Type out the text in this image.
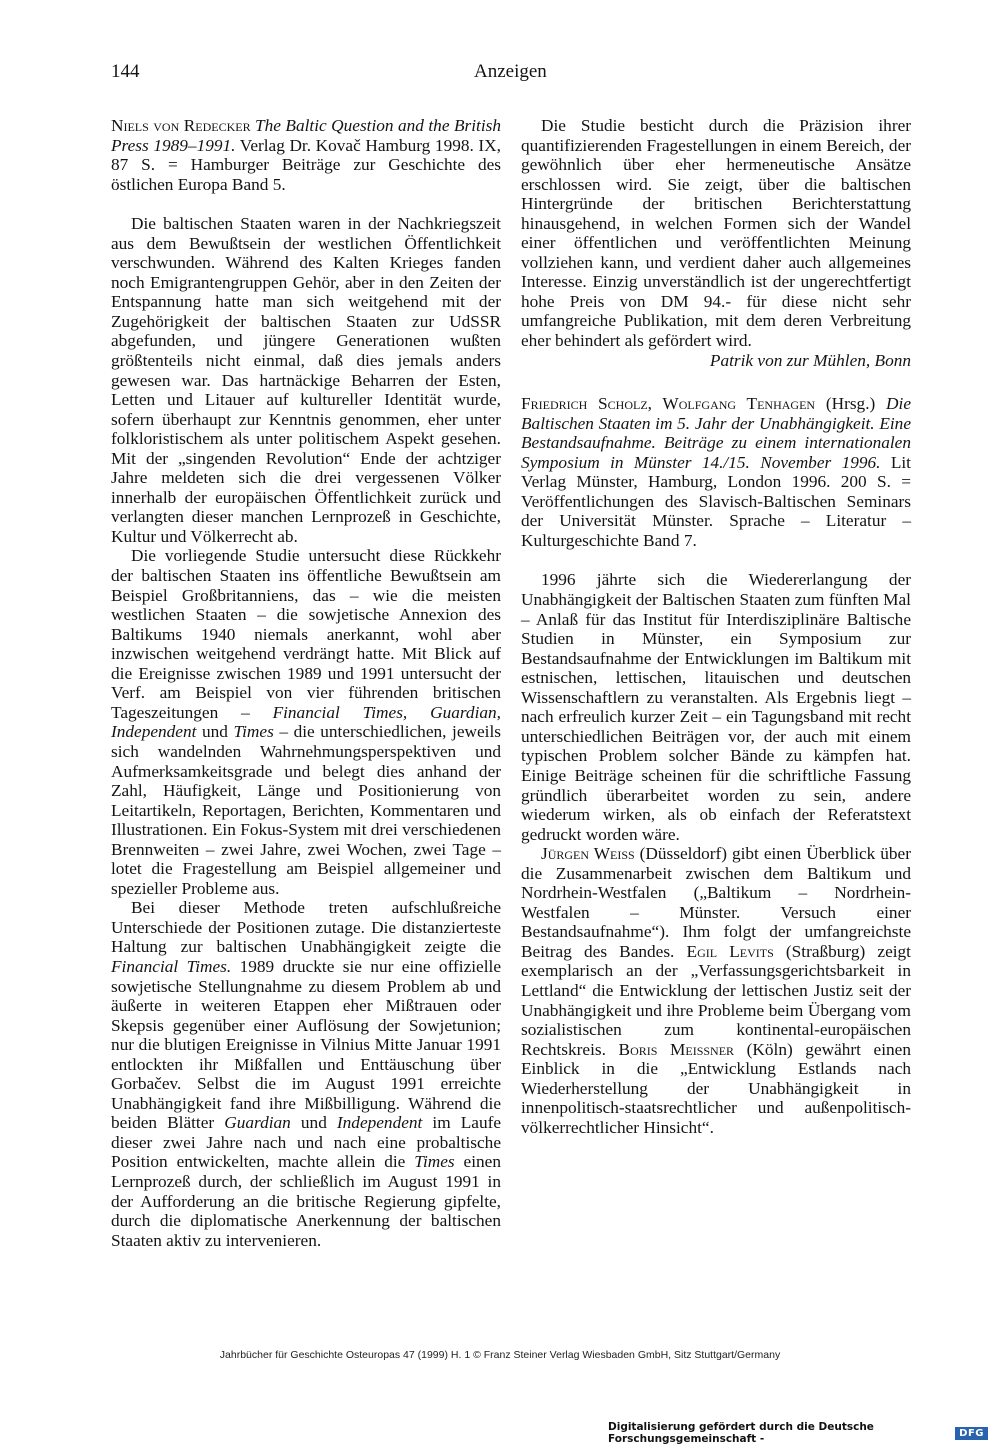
144	Anzeigen

Niels von Redecker The Baltic Question and the British Press 1989–1991. Verlag Dr. Kovač Hamburg 1998. IX, 87 S. = Hamburger Beiträge zur Geschichte des östlichen Europa Band 5.

Die baltischen Staaten waren in der Nachkriegszeit aus dem Bewußtsein der westlichen Öffentlichkeit verschwunden. Während des Kalten Krieges fanden noch Emigrantengruppen Gehör, aber in den Zeiten der Entspannung hatte man sich weitgehend mit der Zugehörigkeit der baltischen Staaten zur UdSSR abgefunden, und jüngere Generationen wußten größtenteils nicht einmal, daß dies jemals anders gewesen war. Das hartnäckige Beharren der Esten, Letten und Litauer auf kultureller Identität wurde, sofern überhaupt zur Kenntnis genommen, eher unter folkloristischem als unter politischem Aspekt gesehen. Mit der „singenden Revolution“ Ende der achtziger Jahre meldeten sich die drei vergessenen Völker innerhalb der europäischen Öffentlichkeit zurück und verlangten dieser manchen Lernprozeß in Geschichte, Kultur und Völkerrecht ab.

Die vorliegende Studie untersucht diese Rückkehr der baltischen Staaten ins öffentliche Bewußtsein am Beispiel Großbritanniens, das – wie die meisten westlichen Staaten – die sowjetische Annexion des Baltikums 1940 niemals anerkannt, wohl aber inzwischen weitgehend verdrängt hatte. Mit Blick auf die Ereignisse zwischen 1989 und 1991 untersucht der Verf. am Beispiel von vier führenden britischen Tageszeitungen – Financial Times, Guardian, Independent und Times – die unterschiedlichen, jeweils sich wandelnden Wahrnehmungsperspektiven und Aufmerksamkeitsgrade und belegt dies anhand der Zahl, Häufigkeit, Länge und Positionierung von Leitartikeln, Reportagen, Berichten, Kommentaren und Illustrationen. Ein Fokus-System mit drei verschiedenen Brennweiten – zwei Jahre, zwei Wochen, zwei Tage – lotet die Fragestellung am Beispiel allgemeiner und spezieller Probleme aus.

Bei dieser Methode treten aufschlußreiche Unterschiede der Positionen zutage. Die distanzierteste Haltung zur baltischen Unabhängigkeit zeigte die Financial Times. 1989 druckte sie nur eine offizielle sowjetische Stellungnahme zu diesem Problem ab und äußerte in weiteren Etappen eher Mißtrauen oder Skepsis gegenüber einer Auflösung der Sowjetunion; nur die blutigen Ereignisse in Vilnius Mitte Januar 1991 entlockten ihr Mißfallen und Enttäuschung über Gorbačev. Selbst die im August 1991 erreichte Unabhängigkeit fand ihre Mißbilligung. Während die beiden Blätter Guardian und Independent im Laufe dieser zwei Jahre nach und nach eine probaltische Position entwickelten, machte allein die Times einen Lernprozeß durch, der schließlich im August 1991 in der Aufforderung an die britische Regierung gipfelte, durch die diplomatische Anerkennung der baltischen Staaten aktiv zu intervenieren.

Die Studie besticht durch die Präzision ihrer quantifizierenden Fragestellungen in einem Bereich, der gewöhnlich über eher hermeneutische Ansätze erschlossen wird. Sie zeigt, über die baltischen Hintergründe der britischen Berichterstattung hinausgehend, in welchen Formen sich der Wandel einer öffentlichen und veröffentlichten Meinung vollziehen kann, und verdient daher auch allgemeines Interesse. Einzig unverständlich ist der ungerechtfertigt hohe Preis von DM 94.- für diese nicht sehr umfangreiche Publikation, mit dem deren Verbreitung eher behindert als gefördert wird.

Patrik von zur Mühlen, Bonn

Friedrich Scholz, Wolfgang Tenhagen (Hrsg.) Die Baltischen Staaten im 5. Jahr der Unabhängigkeit. Eine Bestandsaufnahme. Beiträge zu einem internationalen Symposium in Münster 14./15. November 1996. Lit Verlag Münster, Hamburg, London 1996. 200 S. = Veröffentlichungen des Slavisch-Baltischen Seminars der Universität Münster. Sprache – Literatur – Kulturgeschichte Band 7.

1996 jährte sich die Wiedererlangung der Unabhängigkeit der Baltischen Staaten zum fünften Mal – Anlaß für das Institut für Interdisziplinäre Baltische Studien in Münster, ein Symposium zur Bestandsaufnahme der Entwicklungen im Baltikum mit estnischen, lettischen, litauischen und deutschen Wissenschaftlern zu veranstalten. Als Ergebnis liegt – nach erfreulich kurzer Zeit – ein Tagungsband mit recht unterschiedlichen Beiträgen vor, der auch mit einem typischen Problem solcher Bände zu kämpfen hat. Einige Beiträge scheinen für die schriftliche Fassung gründlich überarbeitet worden zu sein, andere wiederum wirken, als ob einfach der Referatstext gedruckt worden wäre.

Jürgen Weiß (Düsseldorf) gibt einen Überblick über die Zusammenarbeit zwischen dem Baltikum und Nordrhein-Westfalen („Baltikum – Nordrhein-Westfalen – Münster. Versuch einer Bestandsaufnahme“). Ihm folgt der umfangreichste Beitrag des Bandes. Egil Levits (Straßburg) zeigt exemplarisch an der „Verfassungsgerichtsbarkeit in Lettland“ die Entwicklung der lettischen Justiz seit der Unabhängigkeit und ihre Probleme beim Übergang vom sozialistischen zum kontinental-europäischen Rechtskreis. Boris Meissner (Köln) gewährt einen Einblick in die „Entwicklung Estlands nach Wiederherstellung der Unabhängigkeit in innenpolitisch-staatsrechtlicher und außenpolitisch-völkerrechtlicher Hinsicht“.

Jahrbücher für Geschichte Osteuropas 47 (1999) H. 1 © Franz Steiner Verlag Wiesbaden GmbH, Sitz Stuttgart/Germany
Digitalisierung gefördert durch die Deutsche Forschungsgemeinschaft -	DFG
